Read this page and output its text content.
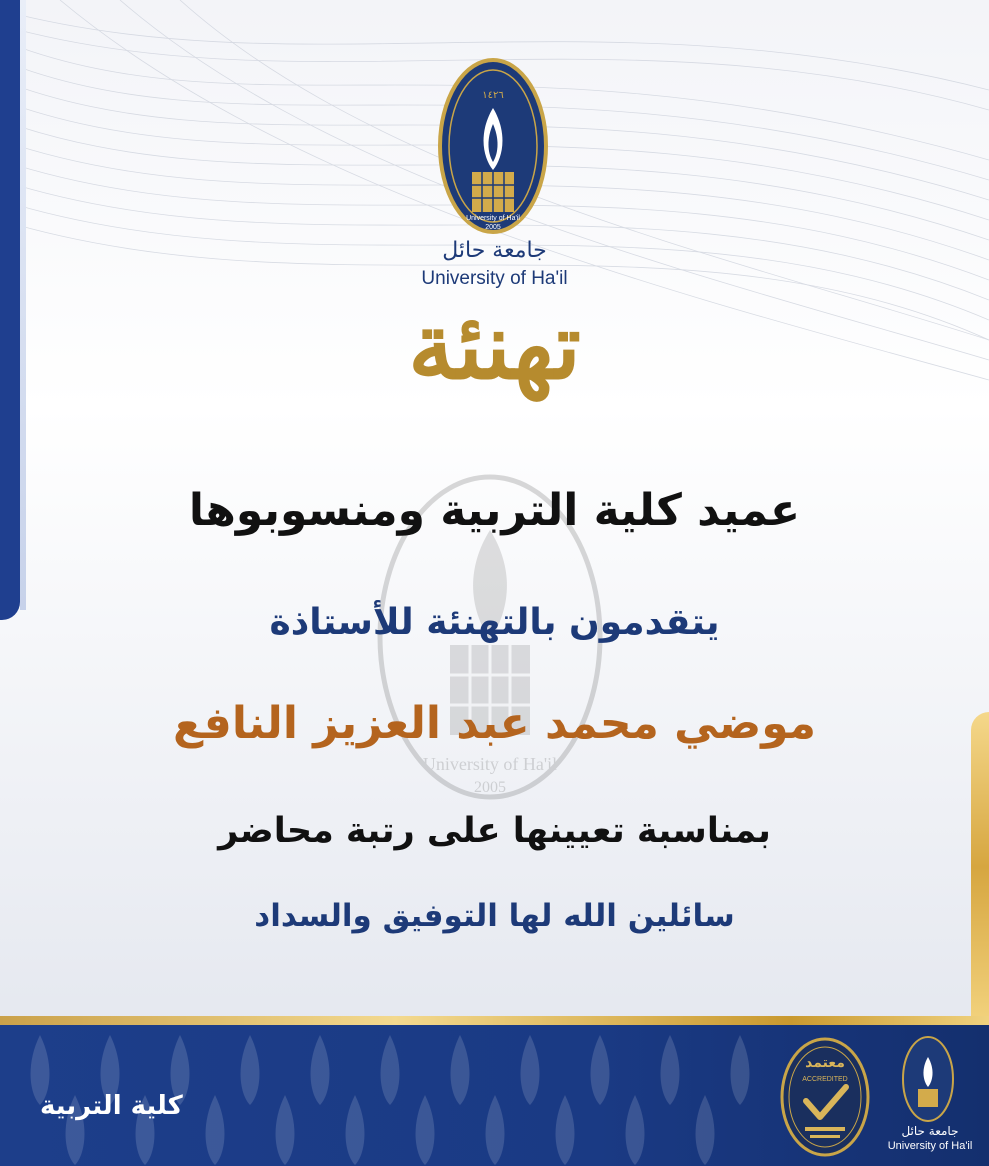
University of Ha'il
2005
١٤٢٦
University of Ha'il
2005
جامعة حائل
University of Ha'il
تهنئة
عميد كلية التربية ومنسوبوها
يتقدمون بالتهنئة للأستاذة
موضي محمد عبد العزيز النافع
بمناسبة تعيينها على رتبة محاضر
سائلين الله لها التوفيق والسداد
كلية التربية
معتمد
ACCREDITED
جامعة حائل
University of Ha'il
